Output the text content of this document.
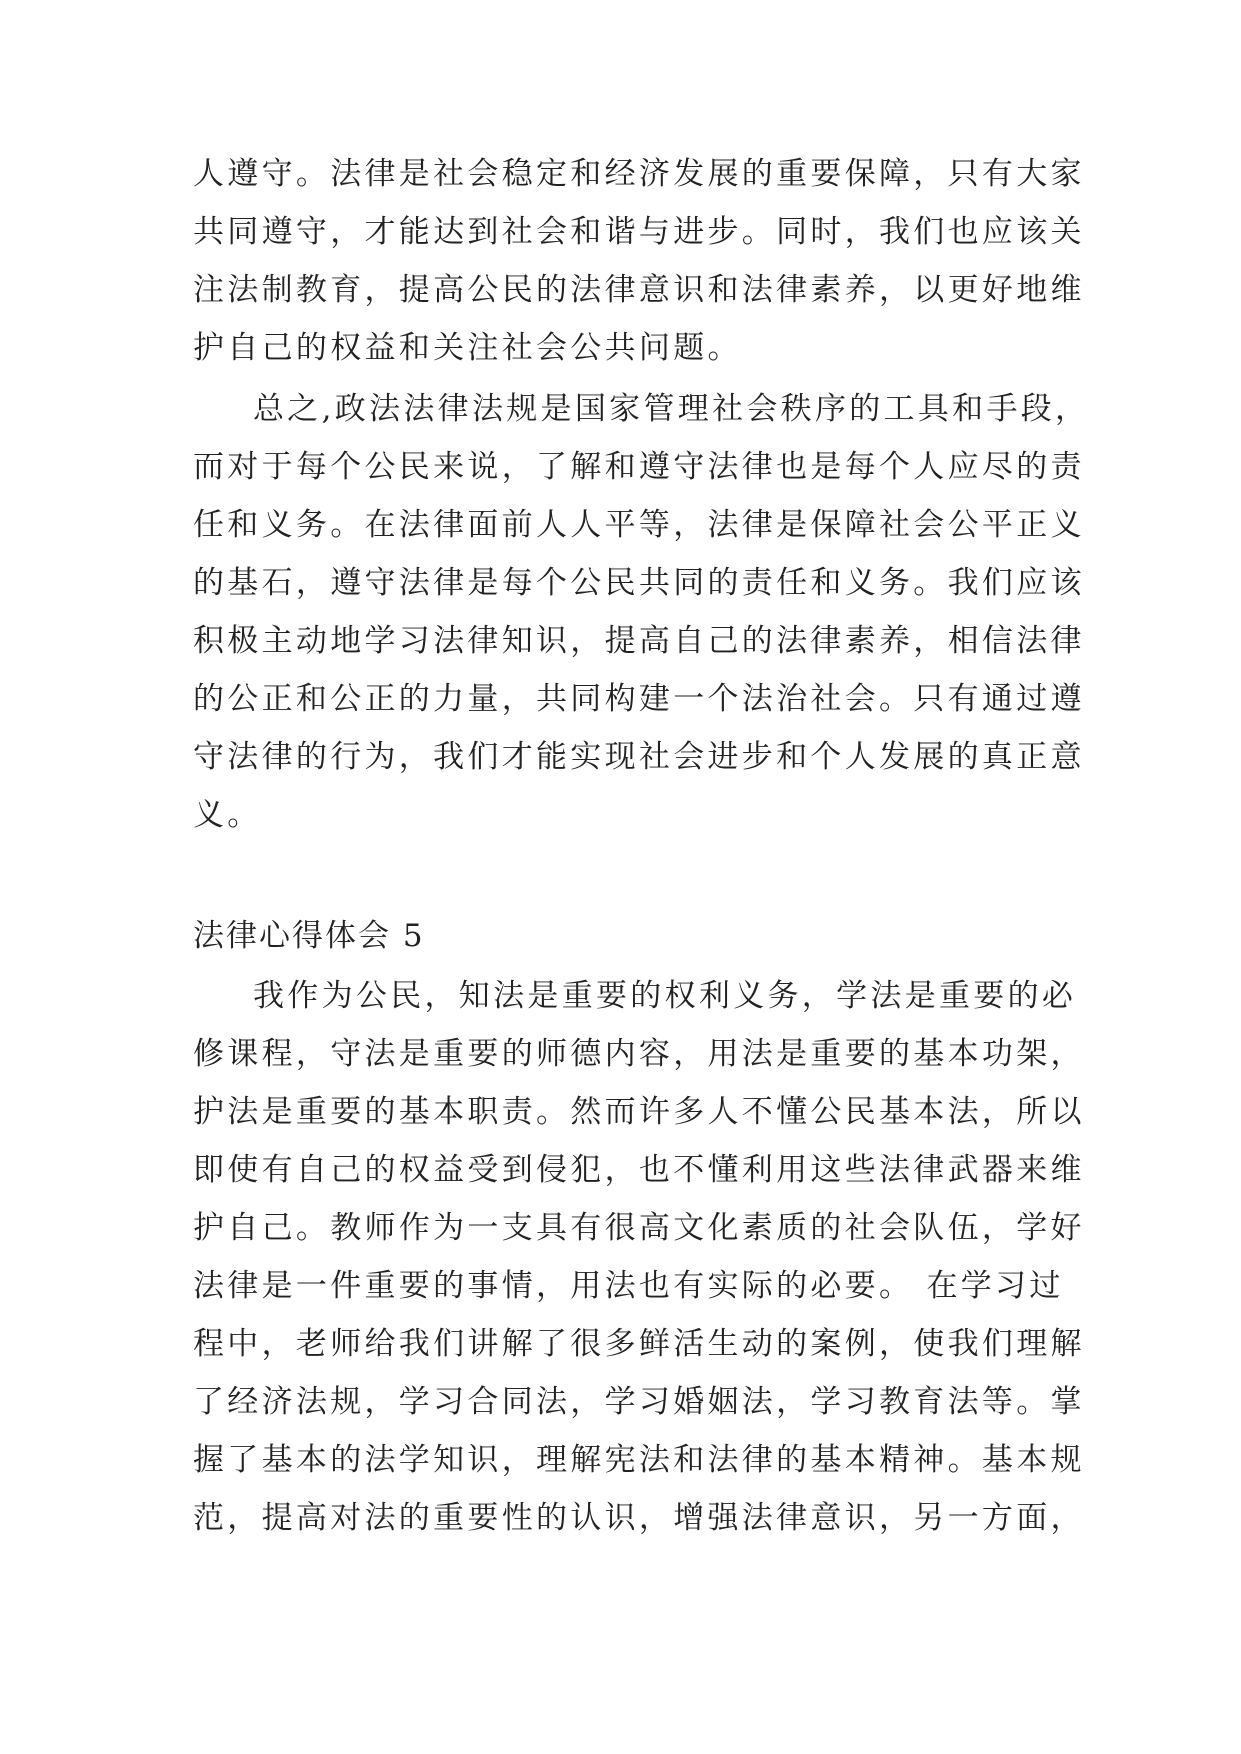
人遵守。法律是社会稳定和经济发展的重要保障，只有大家
共同遵守，才能达到社会和谐与进步。同时，我们也应该关
注法制教育，提高公民的法律意识和法律素养，以更好地维
护自己的权益和关注社会公共问题。
总之,政法法律法规是国家管理社会秩序的工具和手段，
而对于每个公民来说，了解和遵守法律也是每个人应尽的责
任和义务。在法律面前人人平等，法律是保障社会公平正义
的基石，遵守法律是每个公民共同的责任和义务。我们应该
积极主动地学习法律知识，提高自己的法律素养，相信法律
的公正和公正的力量，共同构建一个法治社会。只有通过遵
守法律的行为，我们才能实现社会进步和个人发展的真正意
义。
法律心得体会 5
我作为公民，知法是重要的权利义务，学法是重要的必
修课程，守法是重要的师德内容，用法是重要的基本功架，
护法是重要的基本职责。然而许多人不懂公民基本法，所以
即使有自己的权益受到侵犯，也不懂利用这些法律武器来维
护自己。教师作为一支具有很高文化素质的社会队伍，学好
法律是一件重要的事情，用法也有实际的必要。 在学习过
程中，老师给我们讲解了很多鲜活生动的案例，使我们理解
了经济法规，学习合同法，学习婚姻法，学习教育法等。掌
握了基本的法学知识，理解宪法和法律的基本精神。基本规
范，提高对法的重要性的认识，增强法律意识，另一方面，
